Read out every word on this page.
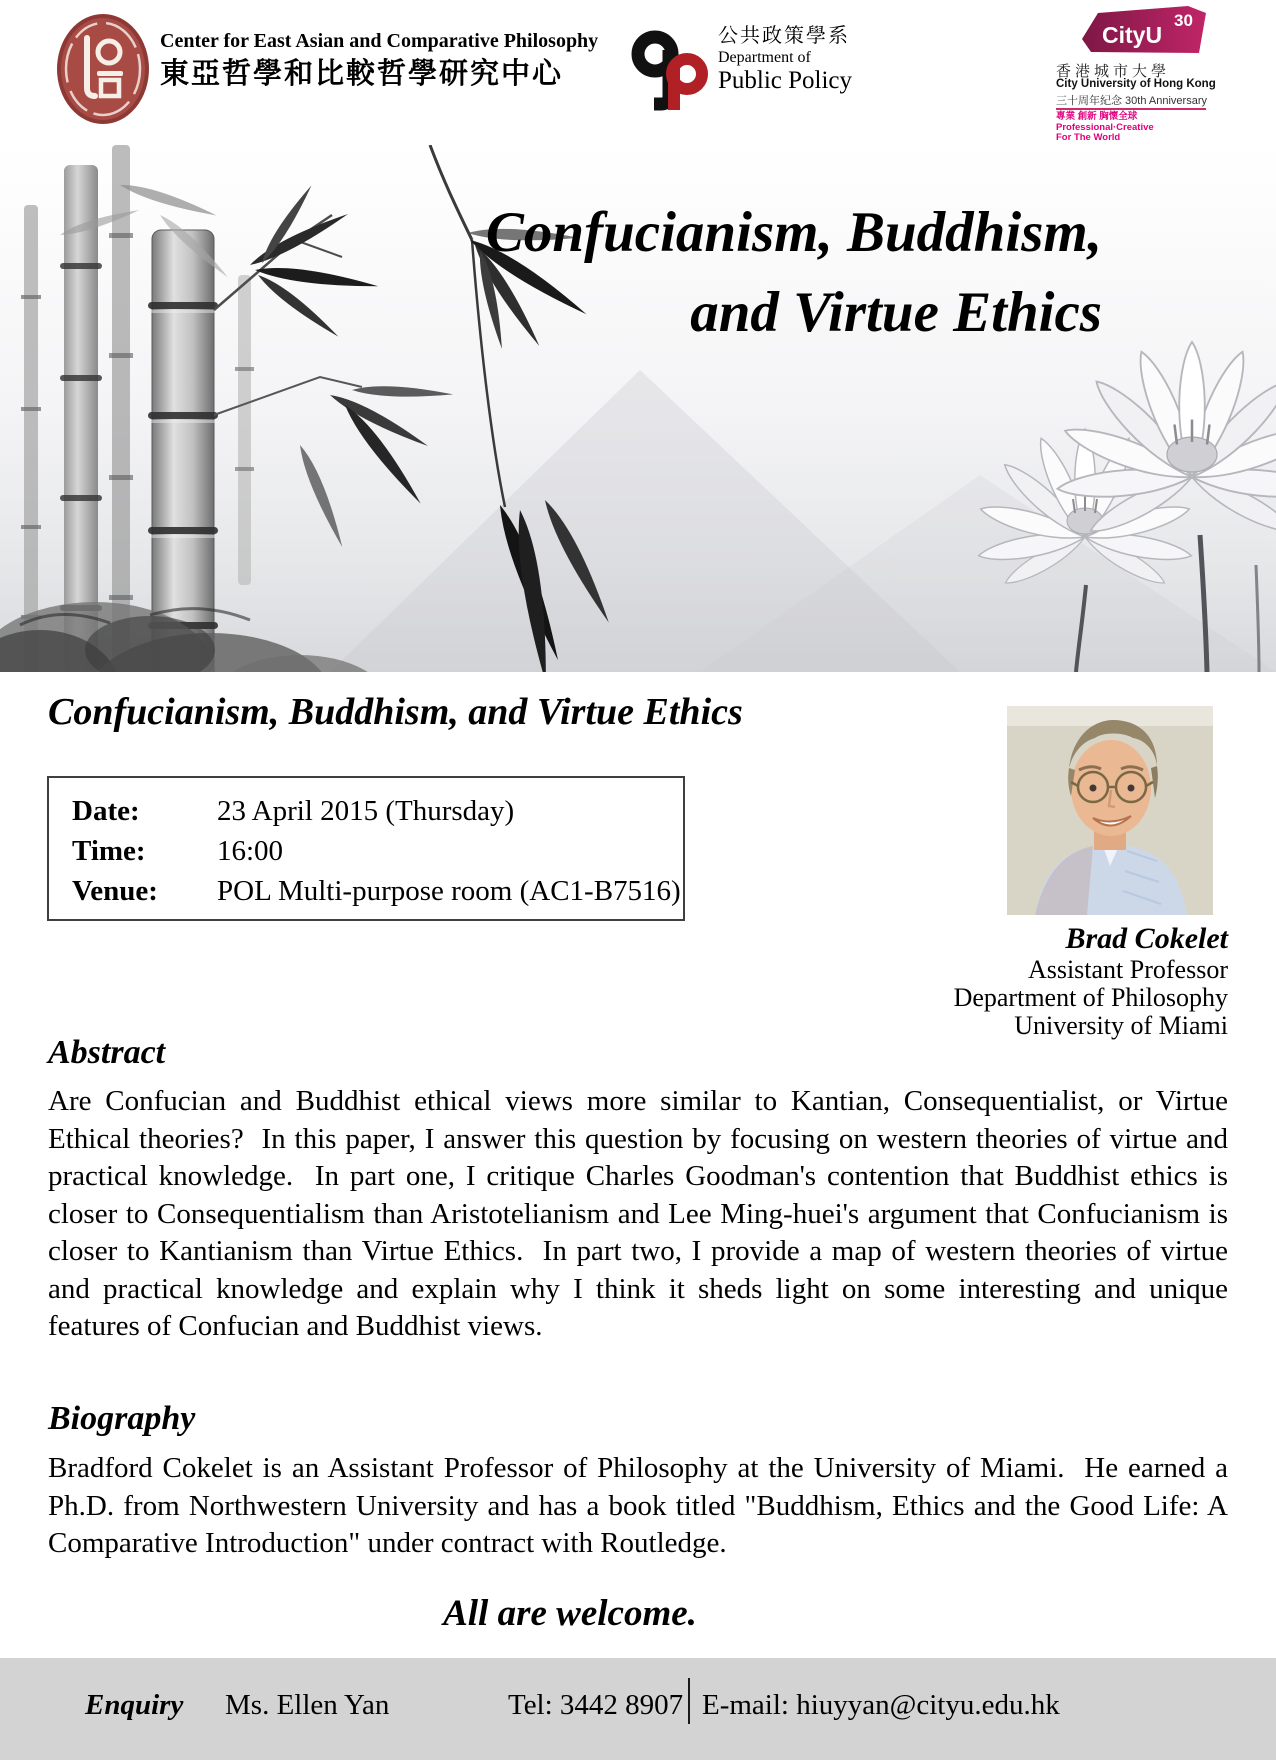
Center for East Asian and Comparative Philosophy
東亞哲學和比較哲學研究中心
公共政策學系
Department of
Public Policy
CityU
30
香港城市大學
City University of Hong Kong
三十周年紀念 30th Anniversary
專業 創新 胸懷全球
Professional·Creative
For The World
Confucianism, Buddhism,
and Virtue Ethics
Confucianism, Buddhism, and Virtue Ethics
Date:	23 April 2015 (Thursday)
Time:	16:00
Venue:	POL Multi-purpose room (AC1-B7516)
Brad Cokelet
Assistant Professor
Department of Philosophy
University of Miami
Abstract

Are Confucian and Buddhist ethical views more similar to Kantian, Consequentialist, or Virtue Ethical theories?  In this paper, I answer this question by focusing on western theories of virtue and practical knowledge.  In part one, I critique Charles Goodman's contention that Buddhist ethics is closer to Consequentialism than Aristotelianism and Lee Ming-huei's argument that Confucianism is closer to Kantianism than Virtue Ethics.  In part two, I provide a map of western theories of virtue and practical knowledge and explain why I think it sheds light on some interesting and unique features of Confucian and Buddhist views.

Biography

Bradford Cokelet is an Assistant Professor of Philosophy at the University of Miami.  He earned a Ph.D. from Northwestern University and has a book titled "Buddhism, Ethics and the Good Life: A Comparative Introduction" under contract with Routledge.

All are welcome.
Enquiry Ms. Ellen Yan	Tel: 3442 8907 E-mail: hiuyyan@cityu.edu.hk
